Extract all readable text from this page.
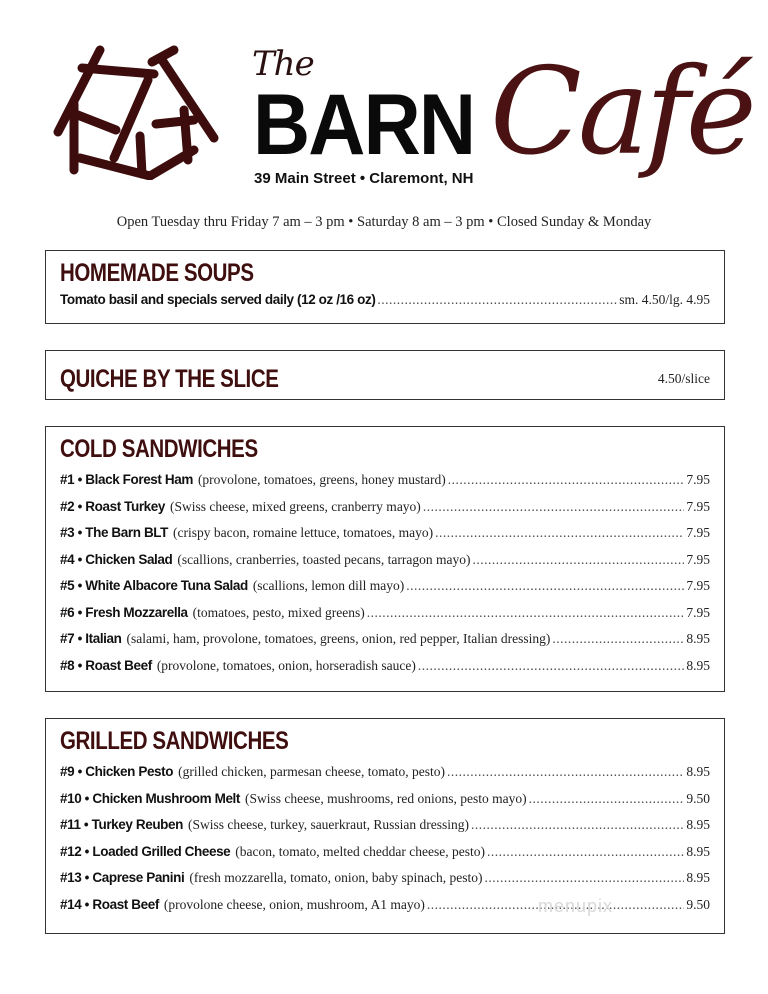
The
BARN Café
39 Main Street • Claremont, NH
Open Tuesday thru Friday 7 am – 3 pm • Saturday 8 am – 3 pm • Closed Sunday & Monday
HOMEMADE SOUPS
Tomato basil and specials served daily (12 oz /16 oz) .....	sm. 4.50/lg. 4.95
QUICHE BY THE SLICE	4.50/slice
COLD SANDWICHES
#1 •
Black Forest Ham (provolone, tomatoes, greens, honey mustard) .....	7.95
#2 •
Roast Turkey (Swiss cheese, mixed greens, cranberry mayo) .....	7.95
#3 •
The Barn BLT (crispy bacon, romaine lettuce, tomatoes, mayo) .....	7.95
#4 •
Chicken Salad (scallions, cranberries, toasted pecans, tarragon mayo) .....	7.95
#5 •
White Albacore Tuna Salad (scallions, lemon dill mayo) .....	7.95
#6 •
Fresh Mozzarella (tomatoes, pesto, mixed greens) .....	7.95
#7 •
Italian (salami, ham, provolone, tomatoes, greens, onion, red pepper, Italian dressing) .....	8.95
#8 •
Roast Beef (provolone, tomatoes, onion, horseradish sauce) .....	8.95
GRILLED SANDWICHES
#9 •
Chicken Pesto (grilled chicken, parmesan cheese, tomato, pesto) .....	8.95
#10 •
Chicken Mushroom Melt (Swiss cheese, mushrooms, red onions, pesto mayo) .....	9.50
#11 •
Turkey Reuben (Swiss cheese, turkey, sauerkraut, Russian dressing) .....	8.95
#12 •
Loaded Grilled Cheese (bacon, tomato, melted cheddar cheese, pesto) .....	8.95
#13 •
Caprese Panini (fresh mozzarella, tomato, onion, baby spinach, pesto) .....	8.95
#14 •
Roast Beef (provolone cheese, onion, mushroom, A1 mayo) .....	9.50
menupix
